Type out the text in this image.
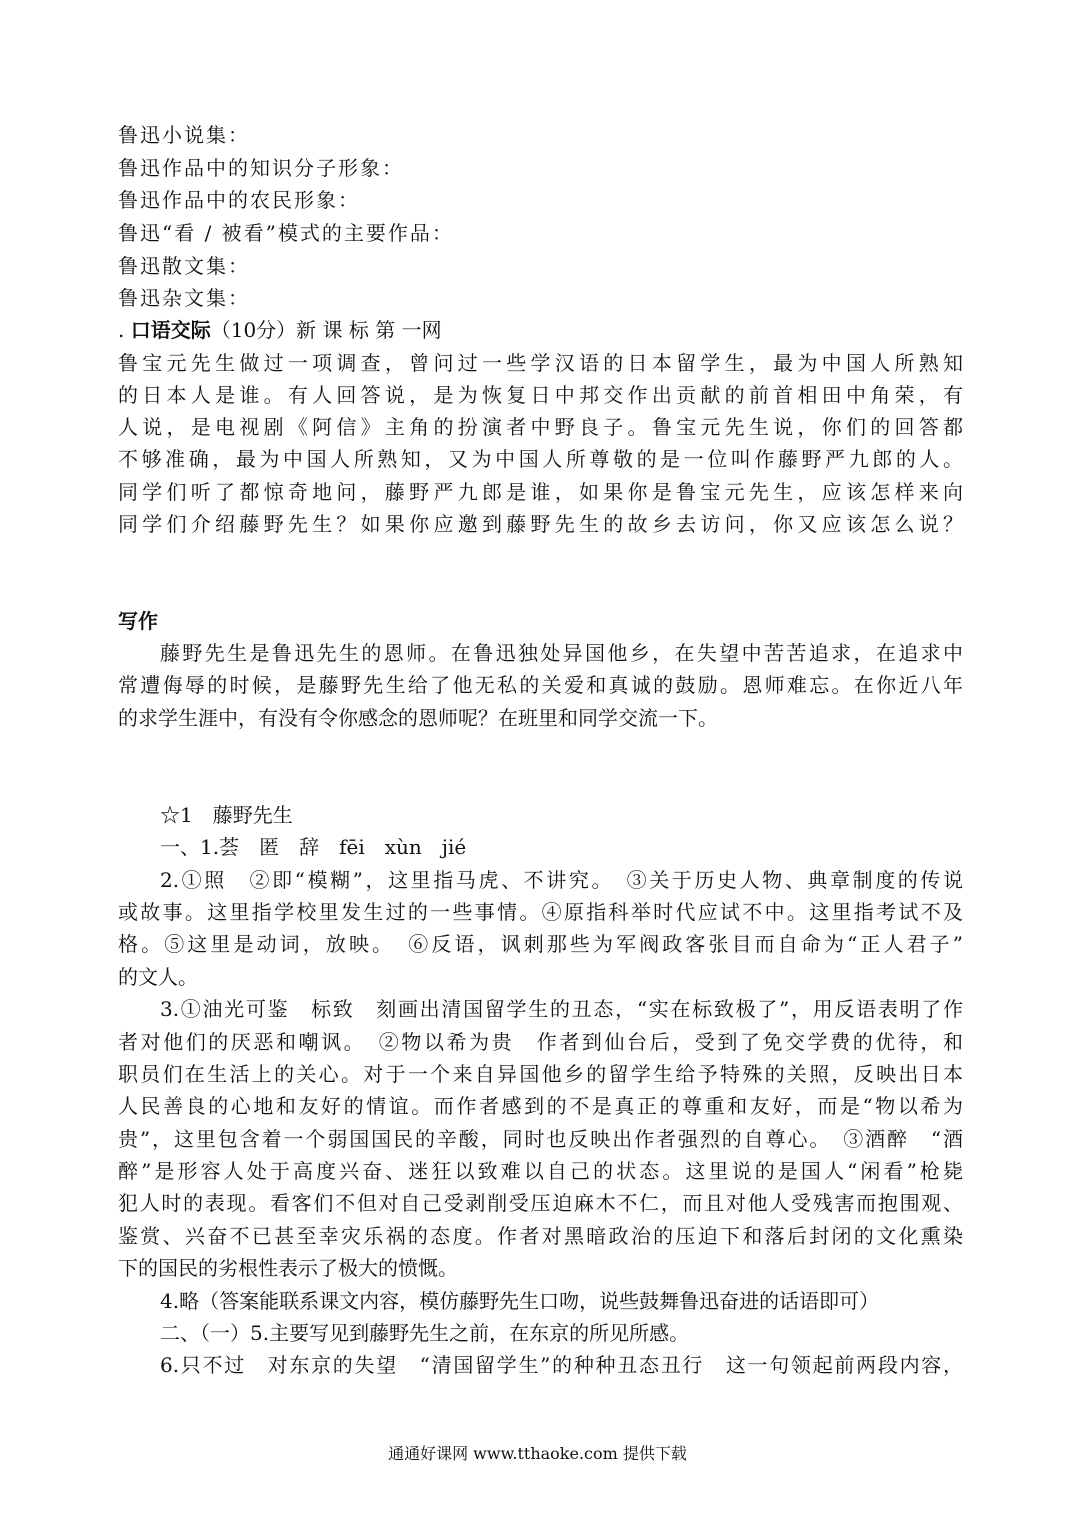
鲁迅小说集：
鲁迅作品中的知识分子形象：
鲁迅作品中的农民形象：
鲁迅“看 / 被看”模式的主要作品：
鲁迅散文集：
鲁迅杂文集：
. 口语交际（10分）新 课 标 第 一网
鲁宝元先生做过一项调查，曾问过一些学汉语的日本留学生，最为中国人所熟知
的日本人是谁。有人回答说，是为恢复日中邦交作出贡献的前首相田中角荣，有
人说，是电视剧《阿信》主角的扮演者中野良子。鲁宝元先生说，你们的回答都
不够准确，最为中国人所熟知，又为中国人所尊敬的是一位叫作藤野严九郎的人。
同学们听了都惊奇地问，藤野严九郎是谁，如果你是鲁宝元先生，应该怎样来向
同学们介绍藤野先生？如果你应邀到藤野先生的故乡去访问，你又应该怎么说？
写作
藤野先生是鲁迅先生的恩师。在鲁迅独处异国他乡，在失望中苦苦追求，在追求中
常遭侮辱的时候，是藤野先生给了他无私的关爱和真诚的鼓励。恩师难忘。在你近八年
的求学生涯中，有没有令你感念的恩师呢？在班里和同学交流一下。
☆1　藤野先生
一、1.荟　匿　辞　fēi　xùn　jié
2.①照　②即“模糊”，这里指马虎、不讲究。　③关于历史人物、典章制度的传说
或故事。这里指学校里发生过的一些事情。④原指科举时代应试不中。这里指考试不及
格。⑤这里是动词，放映。　⑥反语，讽刺那些为军阀政客张目而自命为“正人君子”
的文人。
3.①油光可鉴　标致　刻画出清国留学生的丑态，“实在标致极了”，用反语表明了作
者对他们的厌恶和嘲讽。　②物以希为贵　作者到仙台后，受到了免交学费的优待，和
职员们在生活上的关心。对于一个来自异国他乡的留学生给予特殊的关照，反映出日本
人民善良的心地和友好的情谊。而作者感到的不是真正的尊重和友好，而是“物以希为
贵”，这里包含着一个弱国国民的辛酸，同时也反映出作者强烈的自尊心。　③酒醉　“酒
醉”是形容人处于高度兴奋、迷狂以致难以自己的状态。这里说的是国人“闲看”枪毙
犯人时的表现。看客们不但对自己受剥削受压迫麻木不仁，而且对他人受残害而抱围观、
鉴赏、兴奋不已甚至幸灾乐祸的态度。作者对黑暗政治的压迫下和落后封闭的文化熏染
下的国民的劣根性表示了极大的愤慨。
4.略（答案能联系课文内容，模仿藤野先生口吻，说些鼓舞鲁迅奋进的话语即可）
二、（一）5.主要写见到藤野先生之前，在东京的所见所感。
6.只不过　对东京的失望　“清国留学生”的种种丑态丑行　这一句领起前两段内容，
通通好课网 www.tthaoke.com 提供下载
